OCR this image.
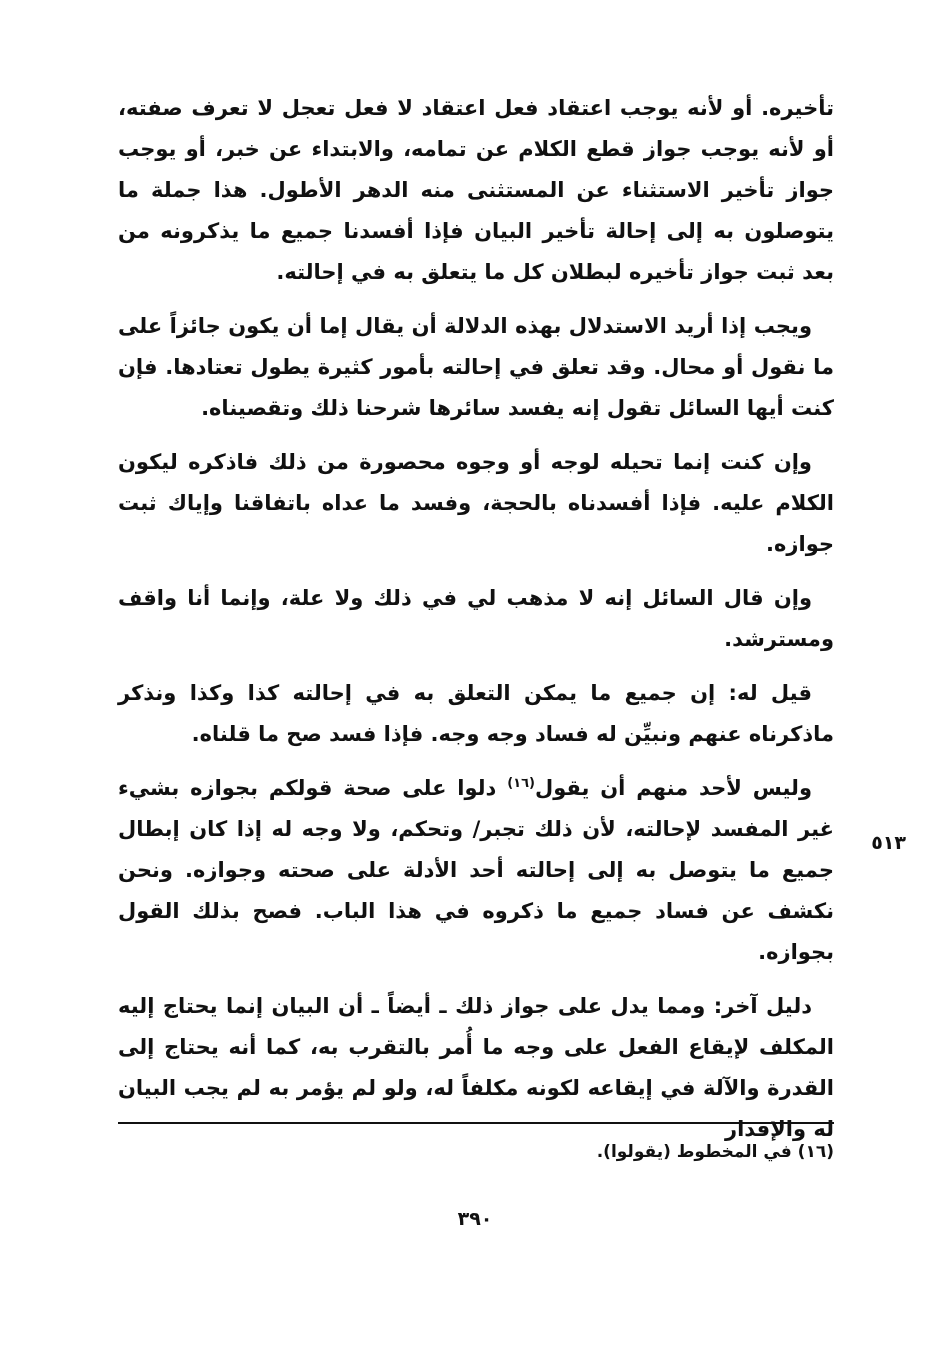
تأخيره. أو لأنه يوجب اعتقاد فعل اعتقاد لا فعل تعجل لا تعرف صفته، أو لأنه يوجب جواز قطع الكلام عن تمامه، والابتداء عن خبر، أو يوجب جواز تأخير الاستثناء عن المستثنى منه الدهر الأطول. هذا جملة ما يتوصلون به إلى إحالة تأخير البيان فإذا أفسدنا جميع ما يذكرونه من بعد ثبت جواز تأخيره لبطلان كل ما يتعلق به في إحالته.

ويجب إذا أريد الاستدلال بهذه الدلالة أن يقال إما أن يكون جائزاً على ما نقول أو محال. وقد تعلق في إحالته بأمور كثيرة يطول تعتادها. فإن كنت أيها السائل تقول إنه يفسد سائرها شرحنا ذلك وتقصيناه.

وإن كنت إنما تحيله لوجه أو وجوه محصورة من ذلك فاذكره ليكون الكلام عليه. فإذا أفسدناه بالحجة، وفسد ما عداه باتفاقنا وإياك ثبت جوازه.

وإن قال السائل إنه لا مذهب لي في ذلك ولا علة، وإنما أنا واقف ومسترشد.

قيل له: إن جميع ما يمكن التعلق به في إحالته كذا وكذا ونذكر ماذكرناه عنهم ونبيِّن له فساد وجه وجه. فإذا فسد صح ما قلناه.

وليس لأحد منهم أن يقول$^{(١٦)}$ دلوا على صحة قولكم بجوازه بشيء غير المفسد لإحالته، لأن ذلك تجبر/ وتحكم، ولا وجه له إذا كان إبطال جميع ما يتوصل به إلى إحالته أحد الأدلة على صحته وجوازه. ونحن نكشف عن فساد جميع ما ذكروه في هذا الباب. فصح بذلك القول بجوازه.

دليل آخر: ومما يدل على جواز ذلك ـ أيضاً ـ أن البيان إنما يحتاج إليه المكلف لإيقاع الفعل على وجه ما أُمر بالتقرب به، كما أنه يحتاج إلى القدرة والآلة في إيقاعه لكونه مكلفاً له، ولو لم يؤمر به لم يجب البيان له والإقدار

٥١٣
(١٦) في المخطوط (يقولوا).
٣٩٠
